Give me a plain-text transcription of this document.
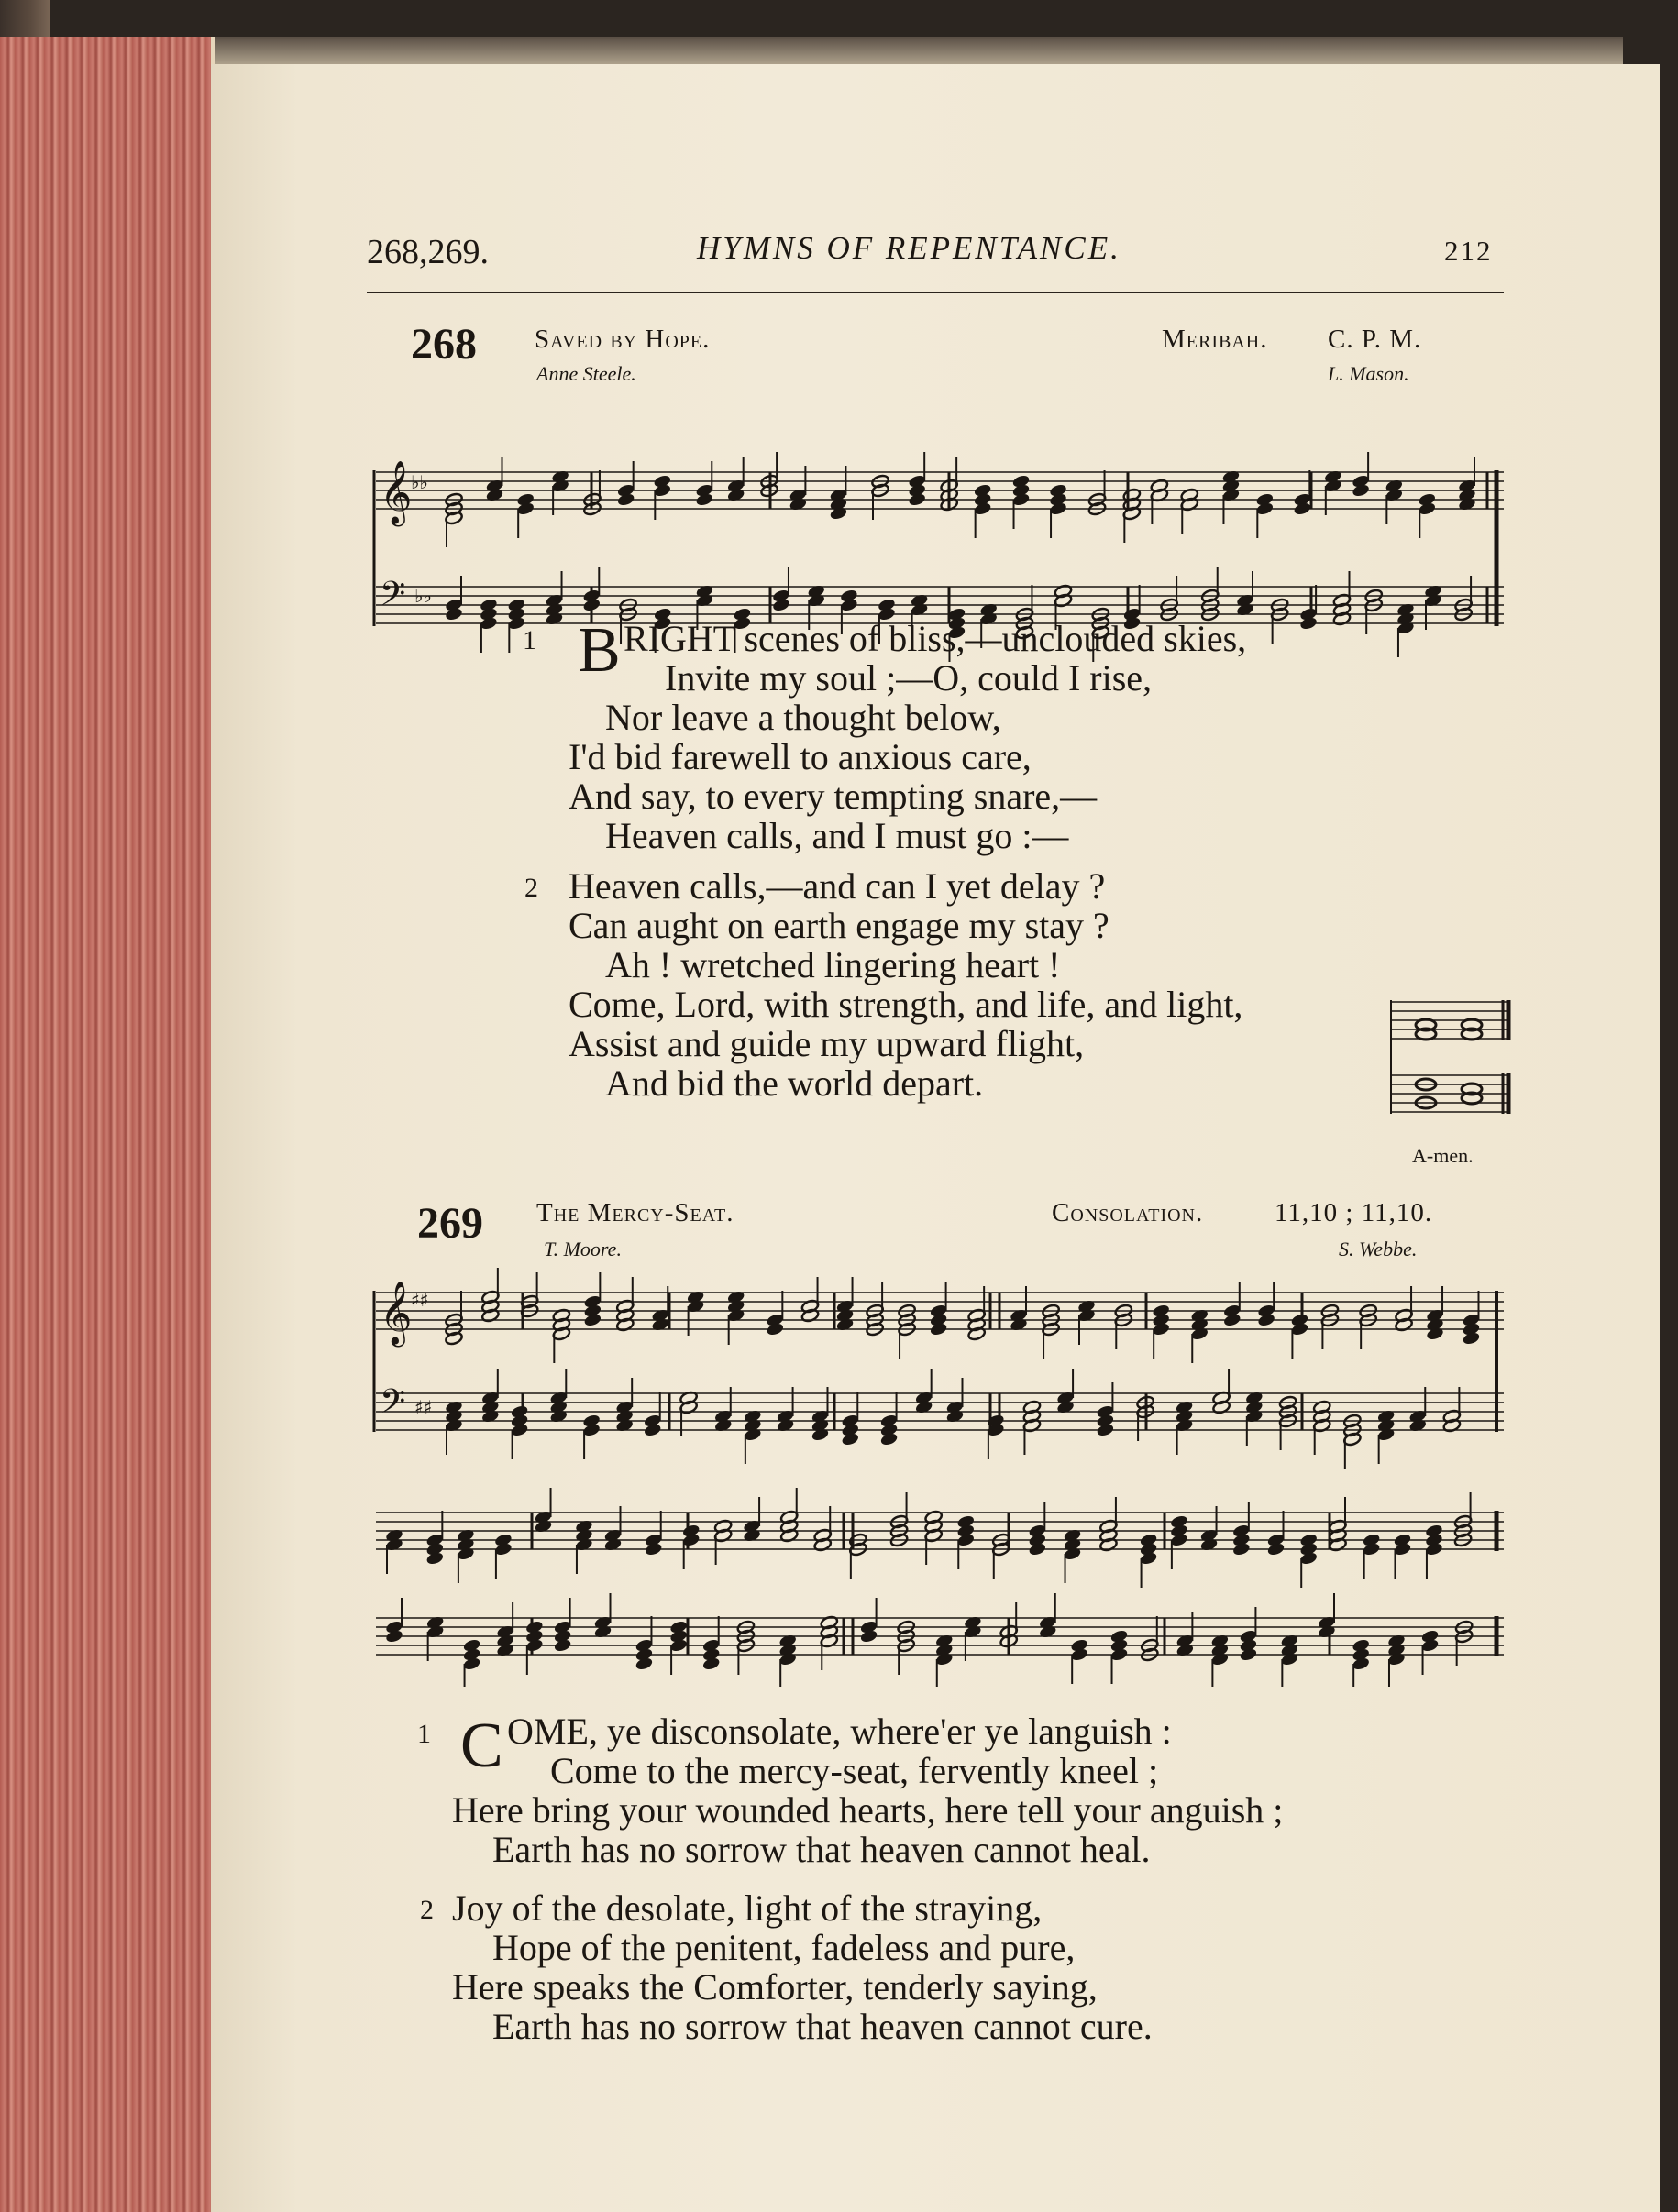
268,269.	HYMNS OF REPENTANCE.	212
268 Saved by Hope.	Meribah. C. P. M.
Anne Steele.	L. Mason.
𝄞
𝄢
♭♭
♭♭
1 B RIGHT scenes of bliss,—unclouded skies,
Invite my soul ;—O, could I rise,
Nor leave a thought below,
I'd bid farewell to anxious care,
And say, to every tempting snare,—
Heaven calls, and I must go :—
2 Heaven calls,—and can I yet delay ?
Can aught on earth engage my stay ?
Ah ! wretched lingering heart !
Come, Lord, with strength, and life, and light,
Assist and guide my upward flight,
And bid the world depart.
A-men.
269 The Mercy-Seat.	Consolation.	11,10 ; 11,10.
T. Moore.	S. Webbe.
𝄞
𝄢
♯♯
♯♯
1 C OME, ye disconsolate, where'er ye languish :
Come to the mercy-seat, fervently kneel ;
Here bring your wounded hearts, here tell your anguish ;
Earth has no sorrow that heaven cannot heal.
2 Joy of the desolate, light of the straying,
Hope of the penitent, fadeless and pure,
Here speaks the Comforter, tenderly saying,
Earth has no sorrow that heaven cannot cure.
